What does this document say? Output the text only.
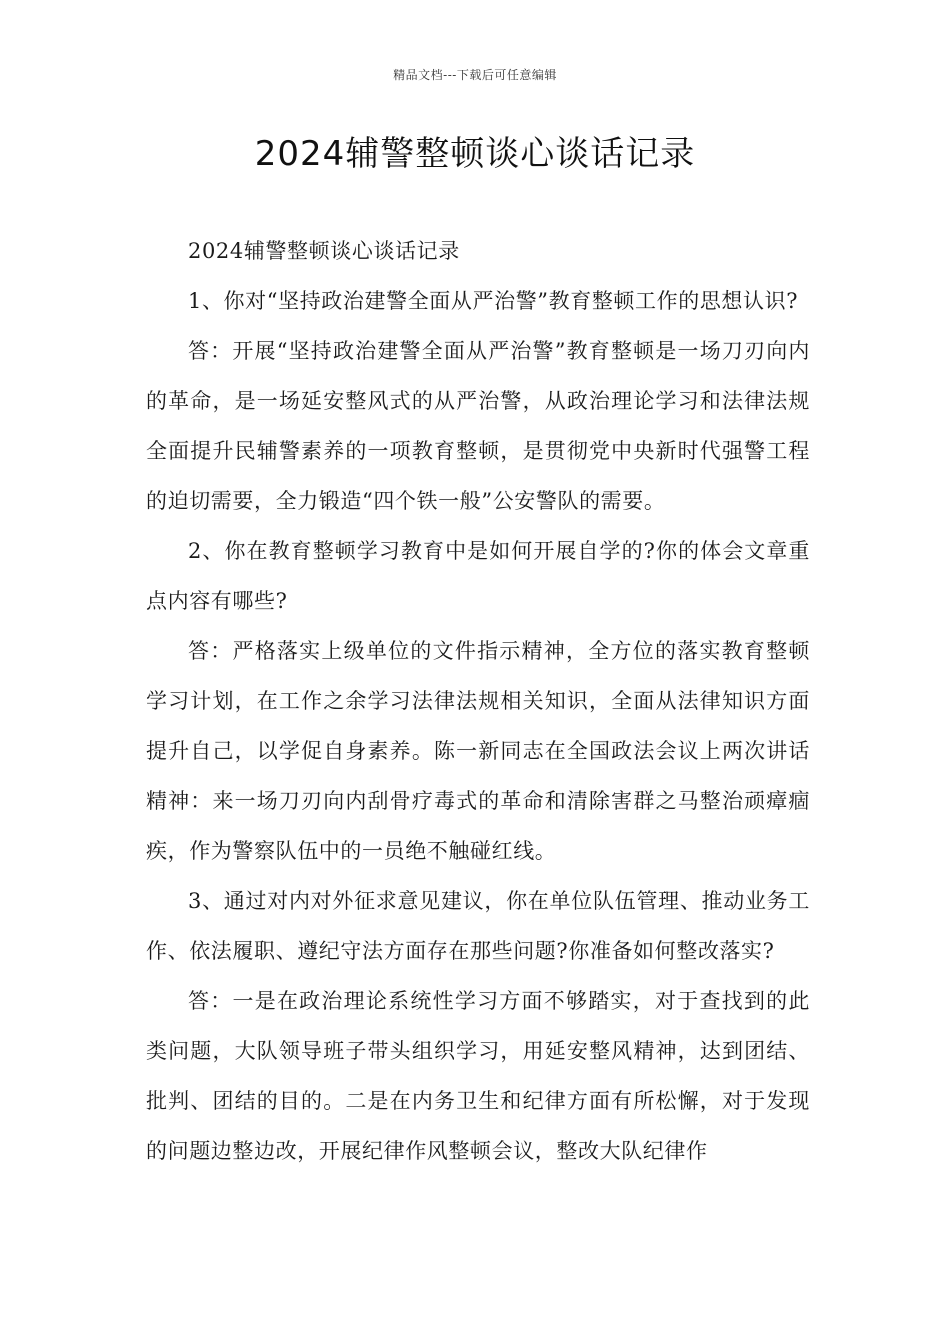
精品文档---下载后可任意编辑
2024辅警整顿谈心谈话记录

2024辅警整顿谈心谈话记录

1、你对“坚持政治建警全面从严治警”教育整顿工作的思想认识?

答：开展“坚持政治建警全面从严治警”教育整顿是一场刀刃向内的革命，是一场延安整风式的从严治警，从政治理论学习和法律法规全面提升民辅警素养的一项教育整顿，是贯彻党中央新时代强警工程的迫切需要，全力锻造“四个铁一般”公安警队的需要。

2、你在教育整顿学习教育中是如何开展自学的?你的体会文章重点内容有哪些?

答：严格落实上级单位的文件指示精神，全方位的落实教育整顿学习计划，在工作之余学习法律法规相关知识，全面从法律知识方面提升自己，以学促自身素养。陈一新同志在全国政法会议上两次讲话精神：来一场刀刃向内刮骨疗毒式的革命和清除害群之马整治顽瘴痼疾，作为警察队伍中的一员绝不触碰红线。

3、通过对内对外征求意见建议，你在单位队伍管理、推动业务工作、依法履职、遵纪守法方面存在那些问题?你准备如何整改落实?

答：一是在政治理论系统性学习方面不够踏实，对于查找到的此类问题，大队领导班子带头组织学习，用延安整风精神，达到团结、批判、团结的目的。二是在内务卫生和纪律方面有所松懈，对于发现的问题边整边改，开展纪律作风整顿会议，整改大队纪律作
